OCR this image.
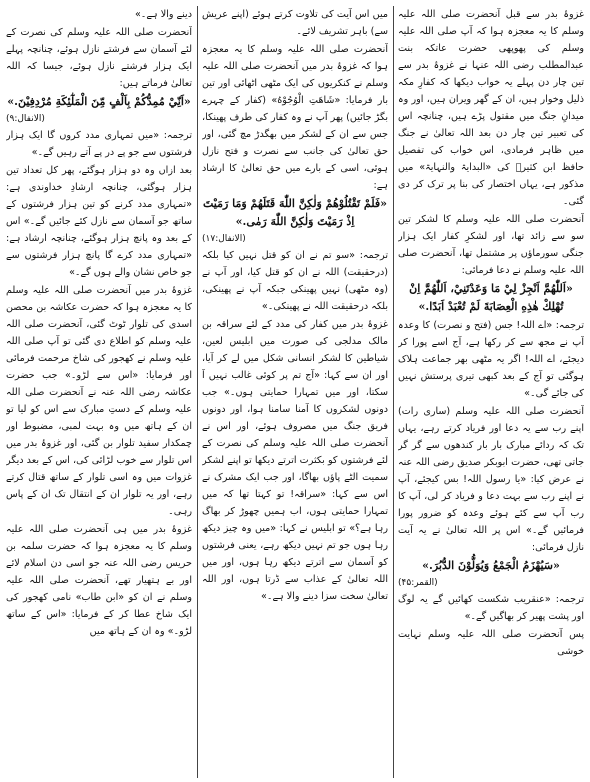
غزوۂ بدر سے قبل آنحضرت صلی اللہ علیہ وسلم کا یہ معجزہ ہوا کہ آپ صلی اللہ علیہ وسلم کی پھوپھی حضرت عاتکہ بنت عبدالمطلب رضی اللہ عنہا نے غزوۂ بدر سے تین چار دن پہلے یہ خواب دیکھا کہ کفارِ مکہ ذلیل وخوار ہیں، ان کے گھر ویران ہیں، اور وہ میدانِ جنگ میں مقتول پڑے ہیں، چنانچہ اس کی تعبیر تین چار دن بعد اللہ تعالیٰ نے جنگ میں ظاہر فرمادی، اس خواب کی تفصیل حافظ ابن کثیرؒ کی «البدایۃ والنہایۃ» میں مذکور ہے، یہاں اختصار کی بنا پر ترک کر دی گئی۔

آنحضرت صلی اللہ علیہ وسلم کا لشکر تین سو سے زائد تھا، اور لشکرِ کفار ایک ہزار جنگی سورماؤں پر مشتمل تھا، آنحضرت صلی اللہ علیہ وسلم نے دعا فرمائی:

«اَللّٰهُمَّ اَنْجِزْ لِيْ مَا وَعَدْتَنِيْ، اَللّٰهُمَّ اِنْ تُهْلِكْ هٰذِهِ الْعِصَابَةَ لَمْ تُعْبَدْ اَبَدًا.»

ترجمہ: «اے اللہ! جس (فتح و نصرت) کا وعدہ آپ نے مجھ سے کر رکھا ہے، آج اسے پورا کر دیجئے، اے اللہ! اگر یہ مٹھی بھر جماعت ہلاک ہوگئی تو آج کے بعد کبھی تیری پرستش نہیں کی جائے گی۔»

آنحضرت صلی اللہ علیہ وسلم (ساری رات) اپنے رب سے یہ دعا اور فریاد کرتے رہے، یہاں تک کہ ردائے مبارک بار بار کندھوں سے گر گر جاتی تھی، حضرت ابوبکر صدیق رضی اللہ عنہ نے عرض کیا: «یا رسول اللہ! بس کیجئے، آپ نے اپنے رب سے بہت دعا و فریاد کر لی، آپ کا رب آپ سے کئے ہوئے وعدہ کو ضرور پورا فرمائیں گے۔» اس پر اللہ تعالیٰ نے یہ آیت نازل فرمائی:

«سَيُهْزَمُ الْجَمْعُ وَيُوَلُّوْنَ الدُّبُرَ.»

(القمر:۴۵)

ترجمہ: «عنقریب شکست کھائیں گے یہ لوگ اور پشت پھیر کر بھاگیں گے۔»

پس آنحضرت صلی اللہ علیہ وسلم نہایت خوشی

میں اس آیت کی تلاوت کرتے ہوئے (اپنے عریش سے) باہر تشریف لائے۔

آنحضرت صلی اللہ علیہ وسلم کا یہ معجزہ ہوا کہ غزوۂ بدر میں آنحضرت صلی اللہ علیہ وسلم نے کنکریوں کی ایک مٹھی اٹھائی اور تین بار فرمایا: «شَاهَتِ الْوُجُوْهُ» (کفار کے چہرے بگڑ جائیں) پھر آپ نے وہ کفار کی طرف پھینکا، جس سے ان کے لشکر میں بھگدڑ مچ گئی، اور حق تعالیٰ کی جانب سے نصرت و فتح نازل ہوئی، اسی کے بارے میں حق تعالیٰ کا ارشاد ہے:

«فَلَمْ تَقْتُلُوْهُمْ وَلٰكِنَّ اللّٰهَ قَتَلَهُمْ وَمَا رَمَيْتَ اِذْ رَمَيْتَ وَلٰكِنَّ اللّٰهَ رَمٰى.»

(الانفال:۱۷)

ترجمہ: «سو تم نے ان کو قتل نہیں کیا بلکہ (درحقیقت) اللہ نے ان کو قتل کیا، اور آپ نے (وہ مٹھی) نہیں پھینکی جبکہ آپ نے پھینکی، بلکہ درحقیقت اللہ نے پھینکی۔»

غزوۂ بدر میں کفار کی مدد کے لئے سراقہ بن مالک مدلجی کی صورت میں ابلیس لعین، شیاطین کا لشکر انسانی شکل میں لے کر آیا، اور ان سے کہا: «آج تم پر کوئی غالب نہیں آ سکتا، اور میں تمہارا حمایتی ہوں۔» جب دونوں لشکروں کا آمنا سامنا ہوا، اور دونوں فریق جنگ میں مصروف ہوئے، اور اس نے آنحضرت صلی اللہ علیہ وسلم کی نصرت کے لئے فرشتوں کو بکثرت اترتے دیکھا تو اپنے لشکر سمیت الٹے پاؤں بھاگا، اور جب ایک مشرک نے اس سے کہا: «سراقہ! تو کہتا تھا کہ میں تمہارا حمایتی ہوں، اب ہمیں چھوڑ کر بھاگ رہا ہے؟» تو ابلیس نے کہا: «میں وہ چیز دیکھ رہا ہوں جو تم نہیں دیکھ رہے، یعنی فرشتوں کو آسمان سے اترتے دیکھ رہا ہوں، اور میں اللہ تعالیٰ کے عذاب سے ڈرتا ہوں، اور اللہ تعالیٰ سخت سزا دینے والا ہے۔»

دینے والا ہے۔»

آنحضرت صلی اللہ علیہ وسلم کی نصرت کے لئے آسمان سے فرشتے نازل ہوئے، چنانچہ پہلے ایک ہزار فرشتے نازل ہوئے، جیسا کہ اللہ تعالیٰ فرماتے ہیں:

«اَنِّيْ مُمِدُّكُمْ بِاَلْفٍ مِّنَ الْمَلٰٓئِكَةِ مُرْدِفِيْنَ.»

(الانفال:۹)

ترجمہ: «میں تمہاری مدد کروں گا ایک ہزار فرشتوں سے جو پے در پے آتے رہیں گے۔»

بعد ازاں وہ دو ہزار ہوگئے، پھر کل تعداد تین ہزار ہوگئی، چنانچہ ارشادِ خداوندی ہے: «تمہاری مدد کرنے کو تین ہزار فرشتوں کے ساتھ جو آسمان سے نازل کئے جائیں گے۔» اس کے بعد وہ پانچ ہزار ہوگئے، چنانچہ ارشاد ہے: «تمہاری مدد کرے گا پانچ ہزار فرشتوں سے جو خاص نشان والے ہوں گے۔»

غزوۂ بدر میں آنحضرت صلی اللہ علیہ وسلم کا یہ معجزہ ہوا کہ حضرت عکاشہ بن محصن اسدی کی تلوار ٹوٹ گئی، آنحضرت صلی اللہ علیہ وسلم کو اطلاع دی گئی تو آپ صلی اللہ علیہ وسلم نے کھجور کی شاخ مرحمت فرمائی اور فرمایا: «اس سے لڑو۔» جب حضرت عکاشہ رضی اللہ عنہ نے آنحضرت صلی اللہ علیہ وسلم کے دستِ مبارک سے اس کو لیا تو ان کے ہاتھ میں وہ بہت لمبی، مضبوط اور چمکدار سفید تلوار بن گئی، اور غزوۂ بدر میں اس تلوار سے خوب لڑائی کی، اس کے بعد دیگر غزوات میں وہ اسی تلوار کے ساتھ قتال کرتے رہے، اور یہ تلوار ان کے انتقال تک ان کے پاس رہی۔

غزوۂ بدر میں ہی آنحضرت صلی اللہ علیہ وسلم کا یہ معجزہ ہوا کہ حضرت سلمہ بن حریس رضی اللہ عنہ جو اسی دن اسلام لائے اور بے ہتھیار تھے، آنحضرت صلی اللہ علیہ وسلم نے ان کو «ابن طاب» نامی کھجور کی ایک شاخ عطا کر کے فرمایا: «اس کے ساتھ لڑو۔» وہ ان کے ہاتھ میں
